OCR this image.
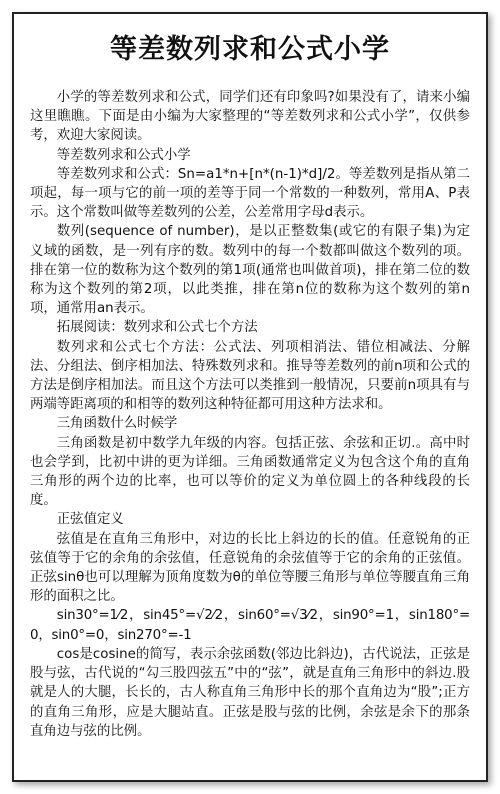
等差数列求和公式小学

小学的等差数列求和公式，同学们还有印象吗?如果没有了，请来小编这里瞧瞧。下面是由小编为大家整理的“等差数列求和公式小学”，仅供参考，欢迎大家阅读。

等差数列求和公式小学

等差数列求和公式：Sn=a1*n+[n*(n-1)*d]/2。等差数列是指从第二项起，每一项与它的前一项的差等于同一个常数的一种数列，常用A、P表示。这个常数叫做等差数列的公差，公差常用字母d表示。

数列(sequence of number)，是以正整数集(或它的有限子集)为定义域的函数，是一列有序的数。数列中的每一个数都叫做这个数列的项。排在第一位的数称为这个数列的第1项(通常也叫做首项)，排在第二位的数称为这个数列的第2项，以此类推，排在第n位的数称为这个数列的第n项，通常用an表示。

拓展阅读：数列求和公式七个方法

数列求和公式七个方法：公式法、列项相消法、错位相减法、分解法、分组法、倒序相加法、特殊数列求和。推导等差数列的前n项和公式的方法是倒序相加法。而且这个方法可以类推到一般情况，只要前n项具有与两端等距离项的和相等的数列这种特征都可用这种方法求和。

三角函数什么时候学

三角函数是初中数学九年级的内容。包括正弦、余弦和正切.。高中时也会学到，比初中讲的更为详细。三角函数通常定义为包含这个角的直角三角形的两个边的比率，也可以等价的定义为单位圆上的各种线段的长度。

正弦值定义

弦值是在直角三角形中，对边的长比上斜边的长的值。任意锐角的正弦值等于它的余角的余弦值，任意锐角的余弦值等于它的余角的正弦值。正弦sinθ也可以理解为顶角度数为θ的单位等腰三角形与单位等腰直角三角形的面积之比。

sin30°=1⁄2，sin45°=√2⁄2，sin60°=√3⁄2，sin90°=1，sin180°=0，sin0°=0，sin270°=-1

cos是cosine的简写，表示余弦函数(邻边比斜边)，古代说法，正弦是股与弦，古代说的“勾三股四弦五”中的“弦”，就是直角三角形中的斜边.股就是人的大腿，长长的，古人称直角三角形中长的那个直角边为“股”;正方的直角三角形，应是大腿站直。正弦是股与弦的比例，余弦是余下的那条直角边与弦的比例。
